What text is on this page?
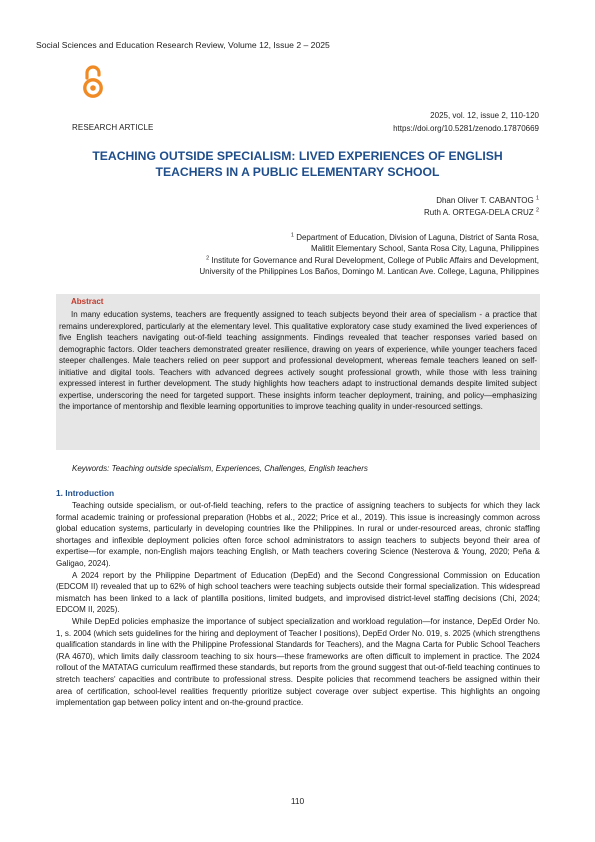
Social Sciences and Education Research Review, Volume 12, Issue 2 – 2025
2025, vol. 12, issue 2, 110-120
https://doi.org/10.5281/zenodo.17870669
RESEARCH ARTICLE
TEACHING OUTSIDE SPECIALISM: LIVED EXPERIENCES OF ENGLISH
TEACHERS IN A PUBLIC ELEMENTARY SCHOOL
Dhan Oliver T. CABANTOG $^1$
Ruth A. ORTEGA-DELA CRUZ $^2$
$^1$ Department of Education, Division of Laguna, District of Santa Rosa,
Malitlit Elementary School, Santa Rosa City, Laguna, Philippines
$^2$ Institute for Governance and Rural Development, College of Public Affairs and Development,
University of the Philippines Los Baños, Domingo M. Lantican Ave. College, Laguna, Philippines
Abstract
In many education systems, teachers are frequently assigned to teach subjects beyond their area of specialism - a practice that remains underexplored, particularly at the elementary level. This qualitative exploratory case study examined the lived experiences of five English teachers navigating out-of-field teaching assignments. Findings revealed that teacher responses varied based on demographic factors. Older teachers demonstrated greater resilience, drawing on years of experience, while younger teachers faced steeper challenges. Male teachers relied on peer support and professional development, whereas female teachers leaned on self-initiative and digital tools. Teachers with advanced degrees actively sought professional growth, while those with less training expressed interest in further development. The study highlights how teachers adapt to instructional demands despite limited subject expertise, underscoring the need for targeted support. These insights inform teacher deployment, training, and policy—emphasizing the importance of mentorship and flexible learning opportunities to improve teaching quality in under-resourced settings.
Keywords: Teaching outside specialism, Experiences, Challenges, English teachers
1. Introduction

Teaching outside specialism, or out-of-field teaching, refers to the practice of assigning teachers to subjects for which they lack formal academic training or professional preparation (Hobbs et al., 2022; Price et al., 2019). This issue is increasingly common across global education systems, particularly in developing countries like the Philippines. In rural or under-resourced areas, chronic staffing shortages and inflexible deployment policies often force school administrators to assign teachers to subjects beyond their area of expertise—for example, non-English majors teaching English, or Math teachers covering Science (Nesterova & Young, 2020; Peña & Galigao, 2024).

A 2024 report by the Philippine Department of Education (DepEd) and the Second Congressional Commission on Education (EDCOM II) revealed that up to 62% of high school teachers were teaching subjects outside their formal specialization. This widespread mismatch has been linked to a lack of plantilla positions, limited budgets, and improvised district-level staffing decisions (Chi, 2024; EDCOM II, 2025).

While DepEd policies emphasize the importance of subject specialization and workload regulation—for instance, DepEd Order No. 1, s. 2004 (which sets guidelines for the hiring and deployment of Teacher I positions), DepEd Order No. 019, s. 2025 (which strengthens qualification standards in line with the Philippine Professional Standards for Teachers), and the Magna Carta for Public School Teachers (RA 4670), which limits daily classroom teaching to six hours—these frameworks are often difficult to implement in practice. The 2024 rollout of the MATATAG curriculum reaffirmed these standards, but reports from the ground suggest that out-of-field teaching continues to stretch teachers' capacities and contribute to professional stress. Despite policies that recommend teachers be assigned within their area of certification, school-level realities frequently prioritize subject coverage over subject expertise. This highlights an ongoing implementation gap between policy intent and on-the-ground practice.

110
